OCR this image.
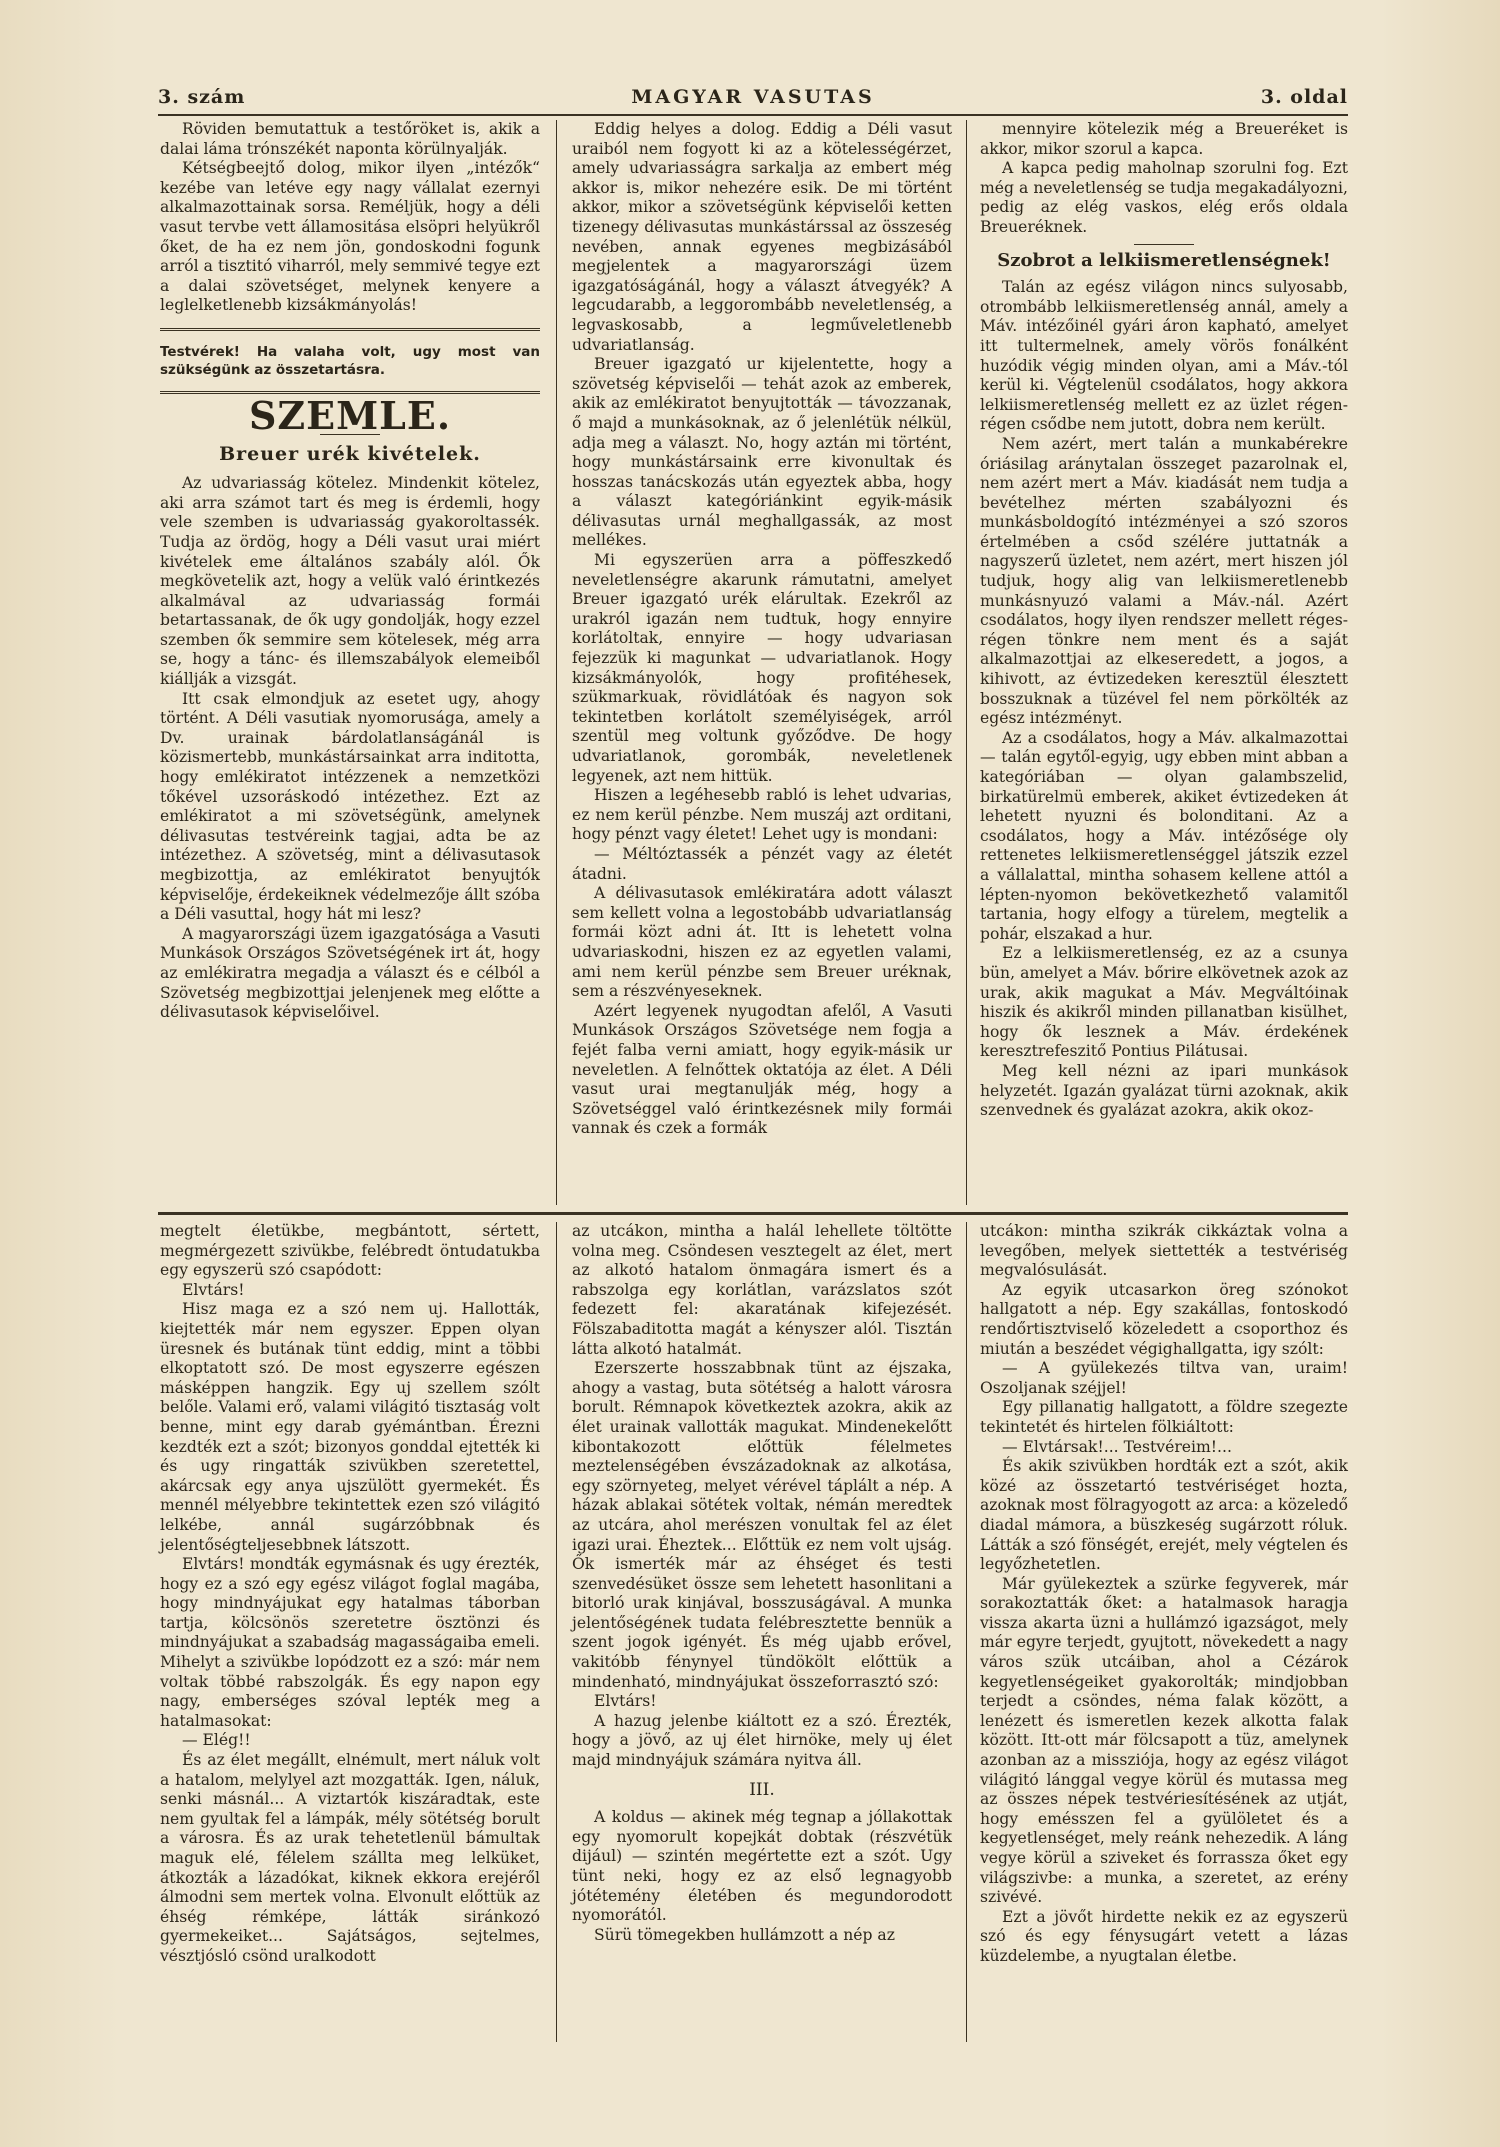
3. szám	MAGYAR VASUTAS	3. oldal

Röviden bemutattuk a testőröket is, akik a dalai láma trónszékét naponta körülnyalják.

Kétségbeejtő dolog, mikor ilyen „intézők“ kezébe van letéve egy nagy vállalat ezernyi alkalmazottainak sorsa. Reméljük, hogy a déli vasut tervbe vett államositása elsöpri helyükről őket, de ha ez nem jön, gondoskodni fogunk arról a tisztitó viharról, mely semmivé tegye ezt a dalai szövetséget, melynek kenyere a leglelketlenebb kizsákmányolás!

Testvérek! Ha valaha volt, ugy most van szükségünk az összetartásra.

SZEMLE.
Breuer urék kivételek.

Az udvariasság kötelez. Mindenkit kötelez, aki arra számot tart és meg is érdemli, hogy vele szemben is udvariasság gyakoroltassék. Tudja az ördög, hogy a Déli vasut urai miért kivételek eme általános szabály alól. Ők megkövetelik azt, hogy a velük való érintkezés alkalmával az udvariasság formái betartassanak, de ők ugy gondolják, hogy ezzel szemben ők semmire sem kötelesek, még arra se, hogy a tánc- és illemszabályok elemeiből kiállják a vizsgát.

Itt csak elmondjuk az esetet ugy, ahogy történt. A Déli vasutiak nyomorusága, amely a Dv. urainak bárdolatlanságánál is közismertebb, munkástársainkat arra inditotta, hogy emlékiratot intézzenek a nemzetközi tőkével uzsoráskodó intézethez. Ezt az emlékiratot a mi szövetségünk, amelynek délivasutas testvéreink tagjai, adta be az intézethez. A szövetség, mint a délivasutasok megbizottja, az emlékiratot benyujtók képviselője, érdekeiknek védelmezője állt szóba a Déli vasuttal, hogy hát mi lesz?

A magyarországi üzem igazgatósága a Vasuti Munkások Országos Szövetségének irt át, hogy az emlékiratra megadja a választ és e célból a Szövetség megbizottjai jelenjenek meg előtte a délivasutasok képviselőivel.

Eddig helyes a dolog. Eddig a Déli vasut uraiból nem fogyott ki az a kötelességérzet, amely udvariasságra sarkalja az embert még akkor is, mikor nehezére esik. De mi történt akkor, mikor a szövetségünk képviselői ketten tizenegy délivasutas munkástárssal az összeség nevében, annak egyenes megbizásából megjelentek a magyarországi üzem igazgatóságánál, hogy a választ átvegyék? A legcudarabb, a leggorombább neveletlenség, a legvaskosabb, a legműveletlenebb udvariatlanság.

Breuer igazgató ur kijelentette, hogy a szövetség képviselői — tehát azok az emberek, akik az emlékiratot benyujtották — távozzanak, ő majd a munkásoknak, az ő jelenlétük nélkül, adja meg a választ. No, hogy aztán mi történt, hogy munkástársaink erre kivonultak és hosszas tanácskozás után egyeztek abba, hogy a választ kategóriánkint egyik-másik délivasutas urnál meghallgassák, az most mellékes.

Mi egyszerüen arra a pöffeszkedő neveletlenségre akarunk rámutatni, amelyet Breuer igazgató urék elárultak. Ezekről az urakról igazán nem tudtuk, hogy ennyire korlátoltak, ennyire — hogy udvariasan fejezzük ki magunkat — udvariatlanok. Hogy kizsákmányolók, hogy profitéhesek, szükmarkuak, rövidlátóak és nagyon sok tekintetben korlátolt személyiségek, arról szentül meg voltunk győződve. De hogy udvariatlanok, gorombák, neveletlenek legyenek, azt nem hittük.

Hiszen a legéhesebb rabló is lehet udvarias, ez nem kerül pénzbe. Nem muszáj azt orditani, hogy pénzt vagy életet! Lehet ugy is mondani:

— Méltóztassék a pénzét vagy az életét átadni.

A délivasutasok emlékiratára adott választ sem kellett volna a legostobább udvariatlanság formái közt adni át. Itt is lehetett volna udvariaskodni, hiszen ez az egyetlen valami, ami nem kerül pénzbe sem Breuer uréknak, sem a részvényeseknek.

Azért legyenek nyugodtan afelől, A Vasuti Munkások Országos Szövetsége nem fogja a fejét falba verni amiatt, hogy egyik-másik ur neveletlen. A felnőttek oktatója az élet. A Déli vasut urai megtanulják még, hogy a Szövetséggel való érintkezésnek mily formái vannak és czek a formák

mennyire kötelezik még a Breueréket is akkor, mikor szorul a kapca.

A kapca pedig maholnap szorulni fog. Ezt még a neveletlenség se tudja megakadályozni, pedig az elég vaskos, elég erős oldala Breueréknek.

Szobrot a lelkiismeretlenségnek!

Talán az egész világon nincs sulyosabb, otrombább lelkiismeretlenség annál, amely a Máv. intézőinél gyári áron kapható, amelyet itt tultermelnek, amely vörös fonálként huzódik végig minden olyan, ami a Máv.-tól kerül ki. Végtelenül csodálatos, hogy akkora lelkiismeretlenség mellett ez az üzlet régen-régen csődbe nem jutott, dobra nem került.

Nem azért, mert talán a munkabérekre óriásilag aránytalan összeget pazarolnak el, nem azért mert a Máv. kiadását nem tudja a bevételhez mérten szabályozni és munkásboldogító intézményei a szó szoros értelmében a csőd szélére juttatnák a nagyszerű üzletet, nem azért, mert hiszen jól tudjuk, hogy alig van lelkiismeretlenebb munkásnyuzó valami a Máv.-nál. Azért csodálatos, hogy ilyen rendszer mellett réges-régen tönkre nem ment és a saját alkalmazottjai az elkeseredett, a jogos, a kihivott, az évtizedeken keresztül élesztett bosszuknak a tüzével fel nem pörkölték az egész intézményt.

Az a csodálatos, hogy a Máv. alkalmazottai — talán egytől-egyig, ugy ebben mint abban a kategóriában — olyan galambszelid, birkatürelmü emberek, akiket évtizedeken át lehetett nyuzni és bolonditani. Az a csodálatos, hogy a Máv. intézősége oly rettenetes lelkiismeretlenséggel játszik ezzel a vállalattal, mintha sohasem kellene attól a lépten-nyomon bekövetkezhető valamitől tartania, hogy elfogy a türelem, megtelik a pohár, elszakad a hur.

Ez a lelkiismeretlenség, ez az a csunya bün, amelyet a Máv. bőrire elkövetnek azok az urak, akik magukat a Máv. Megváltóinak hiszik és akikről minden pillanatban kisülhet, hogy ők lesznek a Máv. érdekének keresztrefeszitő Pontius Pilátusai.

Meg kell nézni az ipari munkások helyzetét. Igazán gyalázat türni azoknak, akik szenvednek és gyalázat azokra, akik okoz-

megtelt életükbe, megbántott, sértett, megmérgezett szivükbe, felébredt öntudatukba egy egyszerü szó csapódott:

Elvtárs!

Hisz maga ez a szó nem uj. Hallották, kiejtették már nem egyszer. Eppen olyan üresnek és butának tünt eddig, mint a többi elkoptatott szó. De most egyszerre egészen másképpen hangzik. Egy uj szellem szólt belőle. Valami erő, valami világitó tisztaság volt benne, mint egy darab gyémántban. Érezni kezdték ezt a szót; bizonyos gonddal ejtették ki és ugy ringatták szivükben szeretettel, akárcsak egy anya ujszülött gyermekét. És mennél mélyebbre tekintettek ezen szó világitó lelkébe, annál sugárzóbbnak és jelentőségteljesebbnek látszott.

Elvtárs! mondták egymásnak és ugy érezték, hogy ez a szó egy egész világot foglal magába, hogy mindnyájukat egy hatalmas táborban tartja, kölcsönös szeretetre ösztönzi és mindnyájukat a szabadság magasságaiba emeli. Mihelyt a szivükbe lopódzott ez a szó: már nem voltak többé rabszolgák. És egy napon egy nagy, emberséges szóval lepték meg a hatalmasokat:

— Elég!!

És az élet megállt, elnémult, mert náluk volt a hatalom, melylyel azt mozgatták. Igen, náluk, senki másnál... A viztartók kiszáradtak, este nem gyultak fel a lámpák, mély sötétség borult a városra. És az urak tehetetlenül bámultak maguk elé, félelem szállta meg lelküket, átkozták a lázadókat, kiknek ekkora erejéről álmodni sem mertek volna. Elvonult előttük az éhség rémképe, látták siránkozó gyermekeiket... Sajátságos, sejtelmes, vésztjósló csönd uralkodott

az utcákon, mintha a halál lehellete töltötte volna meg. Csöndesen vesztegelt az élet, mert az alkotó hatalom önmagára ismert és a rabszolga egy korlátlan, varázslatos szót fedezett fel: akaratának kifejezését. Fölszabaditotta magát a kényszer alól. Tisztán látta alkotó hatalmát.

Ezerszerte hosszabbnak tünt az éjszaka, ahogy a vastag, buta sötétség a halott városra borult. Rémnapok következtek azokra, akik az élet urainak vallották magukat. Mindenekelőtt kibontakozott előttük félelmetes meztelenségében évszázadoknak az alkotása, egy szörnyeteg, melyet vérével táplált a nép. A házak ablakai sötétek voltak, némán meredtek az utcára, ahol merészen vonultak fel az élet igazi urai. Éheztek... Előttük ez nem volt ujság. Ők ismerték már az éhséget és testi szenvedésüket össze sem lehetett hasonlitani a bitorló urak kinjával, bosszuságával. A munka jelentőségének tudata felébresztette bennük a szent jogok igényét. És még ujabb erővel, vakitóbb fénynyel tündökölt előttük a mindenható, mindnyájukat összeforrasztó szó:

Elvtárs!

A hazug jelenbe kiáltott ez a szó. Érezték, hogy a jövő, az uj élet hirnöke, mely uj élet majd mindnyájuk számára nyitva áll.

III.

A koldus — akinek még tegnap a jóllakottak egy nyomorult kopejkát dobtak (részvétük dijául) — szintén megértette ezt a szót. Ugy tünt neki, hogy ez az első legnagyobb jótétemény életében és megundorodott nyomorától.

Sürü tömegekben hullámzott a nép az

utcákon: mintha szikrák cikkáztak volna a levegőben, melyek siettették a testvériség megvalósulását.

Az egyik utcasarkon öreg szónokot hallgatott a nép. Egy szakállas, fontoskodó rendőrtisztviselő közeledett a csoporthoz és miután a beszédet végighallgatta, igy szólt:

— A gyülekezés tiltva van, uraim! Oszoljanak széjjel!

Egy pillanatig hallgatott, a földre szegezte tekintetét és hirtelen fölkiáltott:

— Elvtársak!... Testvéreim!...

És akik szivükben hordták ezt a szót, akik közé az összetartó testvériséget hozta, azoknak most fölragyogott az arca: a közeledő diadal mámora, a büszkeség sugárzott róluk. Látták a szó fönségét, erejét, mely végtelen és legyőzhetetlen.

Már gyülekeztek a szürke fegyverek, már sorakoztatták őket: a hatalmasok haragja vissza akarta üzni a hullámzó igazságot, mely már egyre terjedt, gyujtott, növekedett a nagy város szük utcáiban, ahol a Cézárok kegyetlenségeiket gyakorolták; mindjobban terjedt a csöndes, néma falak között, a lenézett és ismeretlen kezek alkotta falak között. Itt-ott már fölcsapott a tüz, amelynek azonban az a missziója, hogy az egész világot világitó lánggal vegye körül és mutassa meg az összes népek testvériesítésének az utját, hogy emésszen fel a gyülöletet és a kegyetlenséget, mely reánk nehezedik. A láng vegye körül a sziveket és forrassza őket egy világszivbe: a munka, a szeretet, az erény szivévé.

Ezt a jövőt hirdette nekik ez az egyszerü szó és egy fénysugárt vetett a lázas küzdelembe, a nyugtalan életbe.
